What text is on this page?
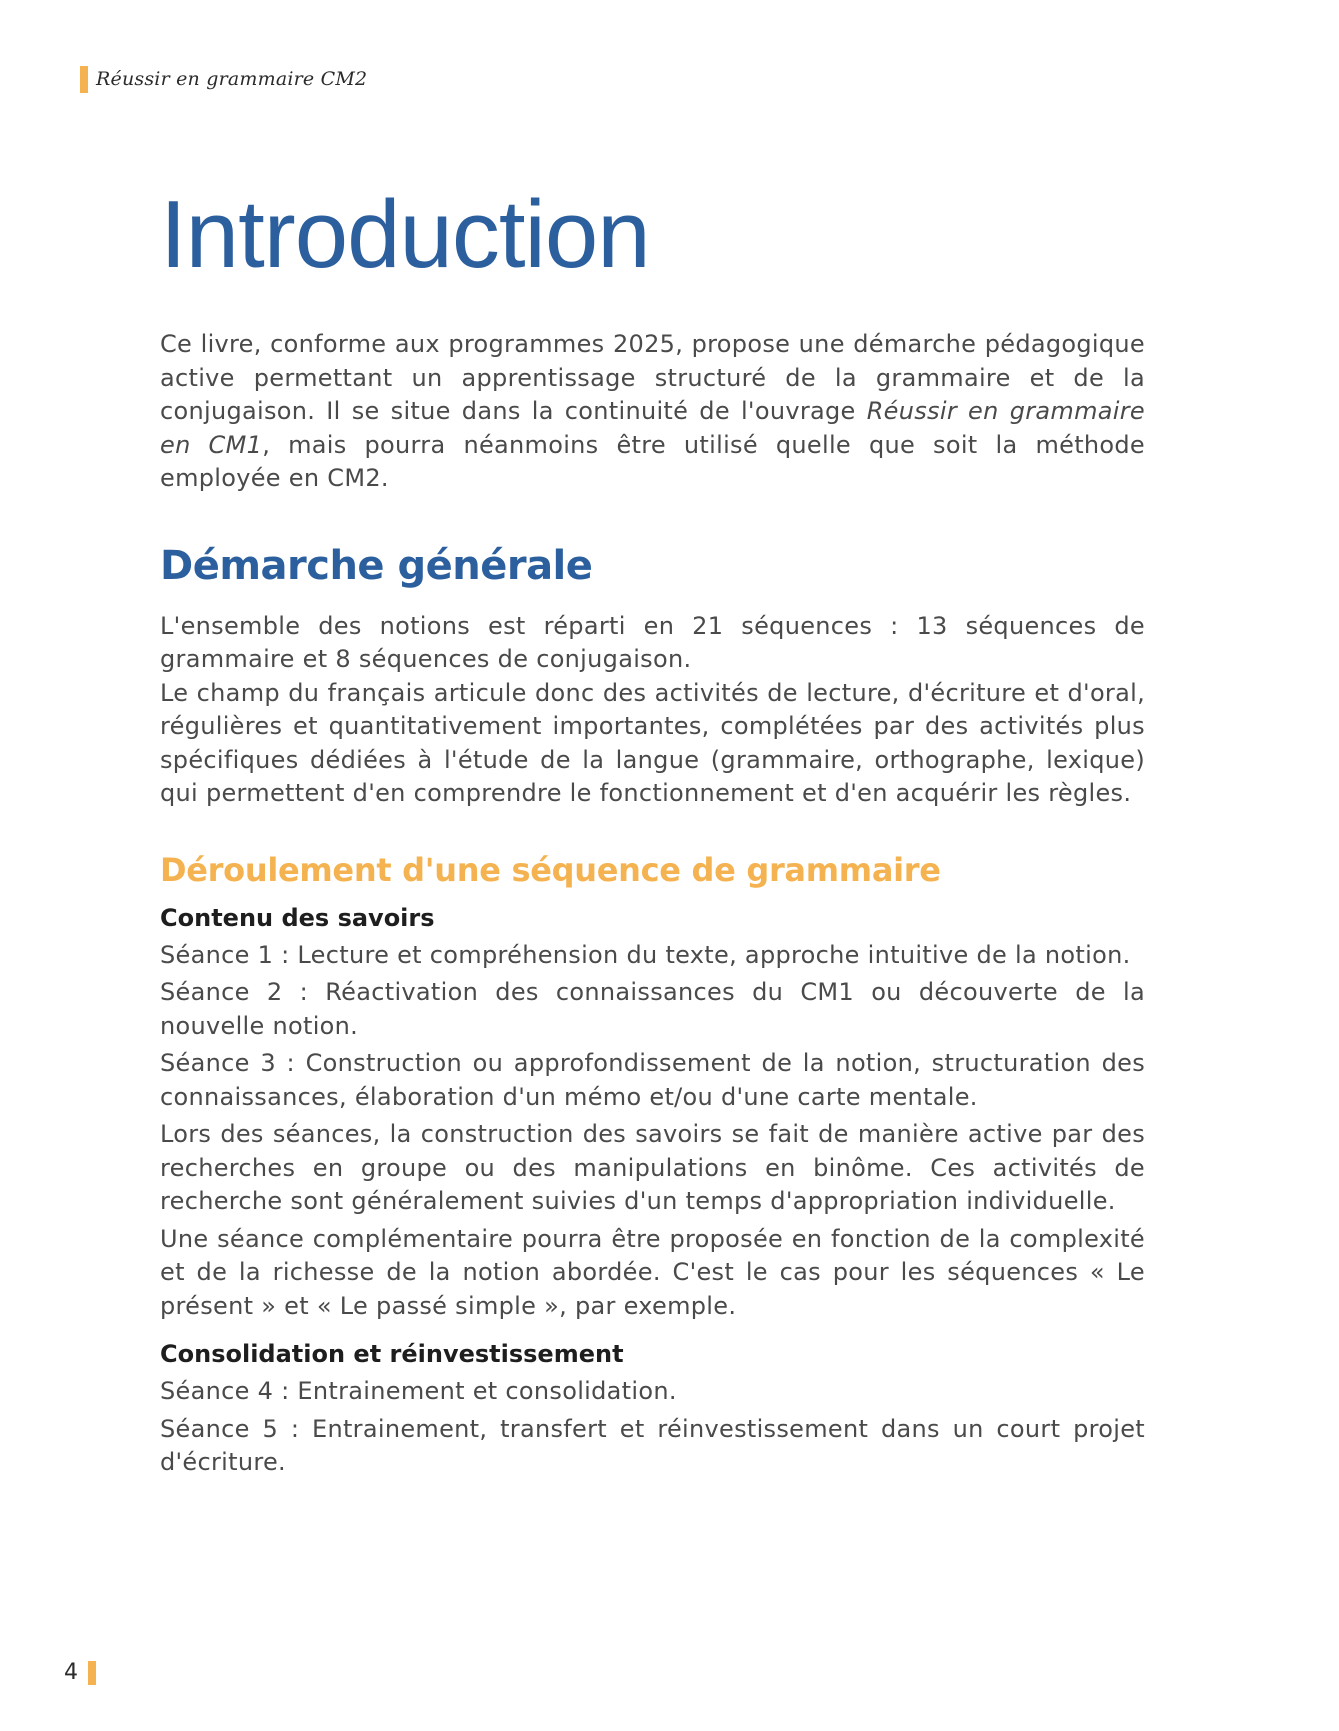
Réussir en grammaire CM2
Introduction

Ce livre, conforme aux programmes 2025, propose une démarche pédagogique active permettant un apprentissage structuré de la grammaire et de la conjugaison. Il se situe dans la continuité de l'ouvrage Réussir en grammaire en CM1, mais pourra néanmoins être utilisé quelle que soit la méthode employée en CM2.

Démarche générale

L'ensemble des notions est réparti en 21 séquences : 13 séquences de grammaire et 8 séquences de conjugaison.

Le champ du français articule donc des activités de lecture, d'écriture et d'oral, régulières et quantitativement importantes, complétées par des activités plus spécifiques dédiées à l'étude de la langue (grammaire, orthographe, lexique) qui permettent d'en comprendre le fonctionnement et d'en acquérir les règles.

Déroulement d'une séquence de grammaire

Contenu des savoirs

Séance 1 : Lecture et compréhension du texte, approche intuitive de la notion.

Séance 2 : Réactivation des connaissances du CM1 ou découverte de la nouvelle notion.

Séance 3 : Construction ou approfondissement de la notion, structuration des connaissances, élaboration d'un mémo et/ou d'une carte mentale.

Lors des séances, la construction des savoirs se fait de manière active par des recherches en groupe ou des manipulations en binôme. Ces activités de recherche sont généralement suivies d'un temps d'appropriation individuelle.

Une séance complémentaire pourra être proposée en fonction de la complexité et de la richesse de la notion abordée. C'est le cas pour les séquences « Le présent » et « Le passé simple », par exemple.

Consolidation et réinvestissement

Séance 4 : Entrainement et consolidation.

Séance 5 : Entrainement, transfert et réinvestissement dans un court projet d'écriture.

4
